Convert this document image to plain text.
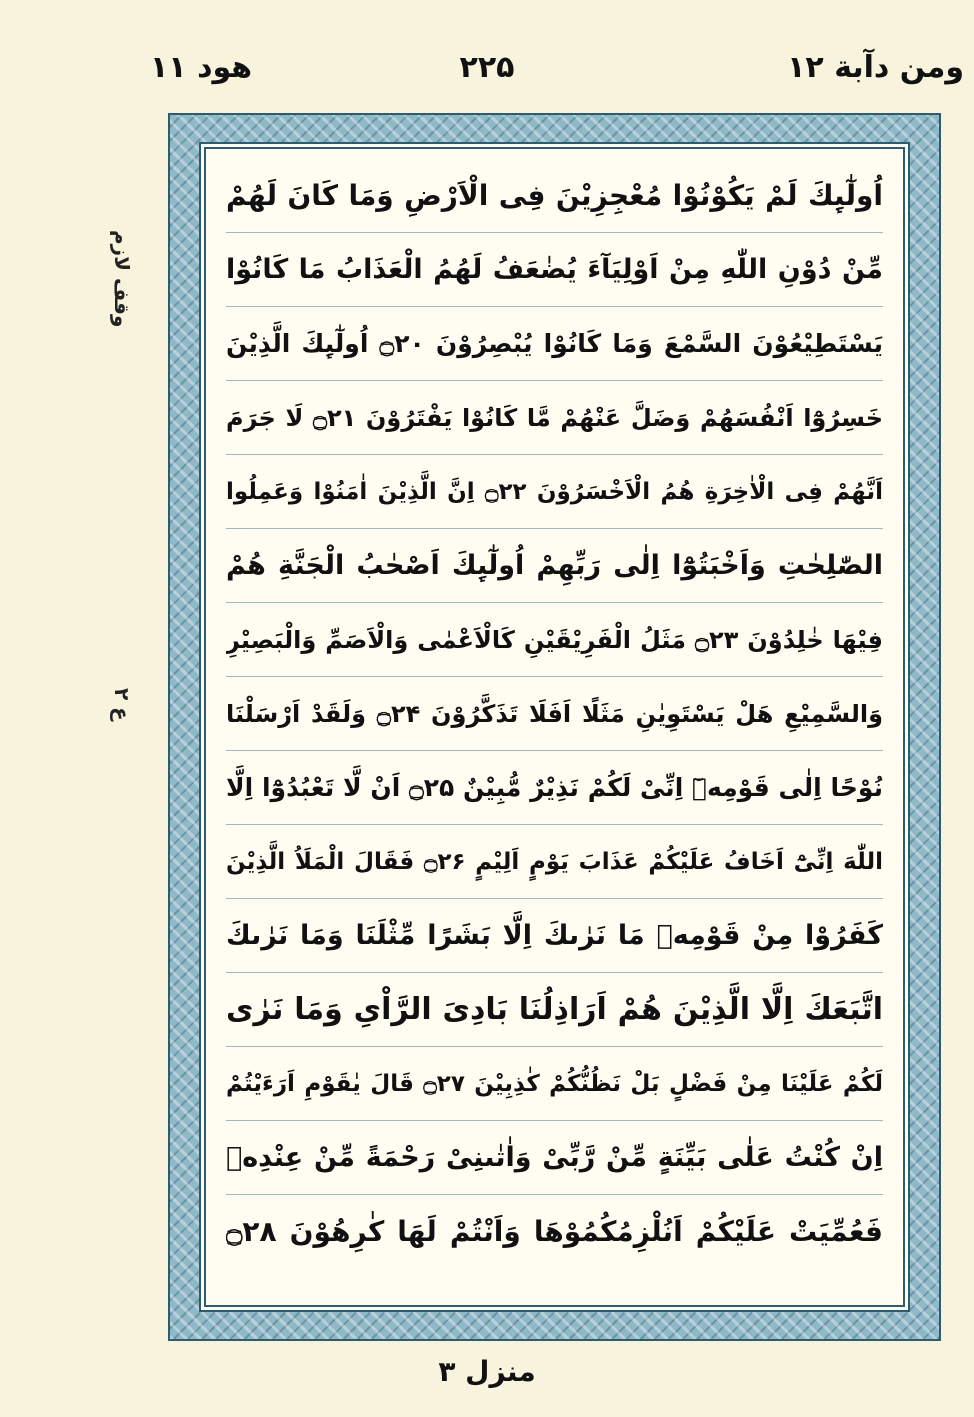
هود ۱۱	۲۲۵	ومن دآبة ۱۲
وقف لازم
ع ۲
اُولٰٓىِٕكَ لَمْ يَكُوْنُوْا مُعْجِزِيْنَ فِى الْاَرْضِ وَمَا كَانَ لَهُمْ
مِّنْ دُوْنِ اللّٰهِ مِنْ اَوْلِيَآءَ يُضٰعَفُ لَهُمُ الْعَذَابُ مَا كَانُوْا
يَسْتَطِيْعُوْنَ السَّمْعَ وَمَا كَانُوْا يُبْصِرُوْنَ ۝۲۰ اُولٰٓىِٕكَ الَّذِيْنَ
خَسِرُوْٓا اَنْفُسَهُمْ وَضَلَّ عَنْهُمْ مَّا كَانُوْا يَفْتَرُوْنَ ۝۲۱ لَا جَرَمَ
اَنَّهُمْ فِى الْاٰخِرَةِ هُمُ الْاَخْسَرُوْنَ ۝۲۲ اِنَّ الَّذِيْنَ اٰمَنُوْا وَعَمِلُوا
الصّٰلِحٰتِ وَاَخْبَتُوْٓا اِلٰى رَبِّهِمْ اُولٰٓىِٕكَ اَصْحٰبُ الْجَنَّةِ هُمْ
فِيْهَا خٰلِدُوْنَ ۝۲۳ مَثَلُ الْفَرِيْقَيْنِ كَالْاَعْمٰى وَالْاَصَمِّ وَالْبَصِيْرِ
وَالسَّمِيْعِ هَلْ يَسْتَوِيٰنِ مَثَلًا اَفَلَا تَذَكَّرُوْنَ ۝۲۴ وَلَقَدْ اَرْسَلْنَا
نُوْحًا اِلٰى قَوْمِهٖٓ اِنِّىْ لَكُمْ نَذِيْرٌ مُّبِيْنٌ ۝۲۵ اَنْ لَّا تَعْبُدُوْٓا اِلَّا
اللّٰهَ اِنِّىْٓ اَخَافُ عَلَيْكُمْ عَذَابَ يَوْمٍ اَلِيْمٍ ۝۲۶ فَقَالَ الْمَلَاُ الَّذِيْنَ
كَفَرُوْا مِنْ قَوْمِهٖ مَا نَرٰىكَ اِلَّا بَشَرًا مِّثْلَنَا وَمَا نَرٰىكَ
اتَّبَعَكَ اِلَّا الَّذِيْنَ هُمْ اَرَاذِلُنَا بَادِىَ الرَّاْىِ وَمَا نَرٰى
لَكُمْ عَلَيْنَا مِنْ فَضْلٍ بَلْ نَظُنُّكُمْ كٰذِبِيْنَ ۝۲۷ قَالَ يٰقَوْمِ اَرَءَيْتُمْ
اِنْ كُنْتُ عَلٰى بَيِّنَةٍ مِّنْ رَّبِّىْ وَاٰتٰىنِىْ رَحْمَةً مِّنْ عِنْدِهٖ
فَعُمِّيَتْ عَلَيْكُمْ اَنُلْزِمُكُمُوْهَا وَاَنْتُمْ لَهَا كٰرِهُوْنَ ۝۲۸
منزل ۳
